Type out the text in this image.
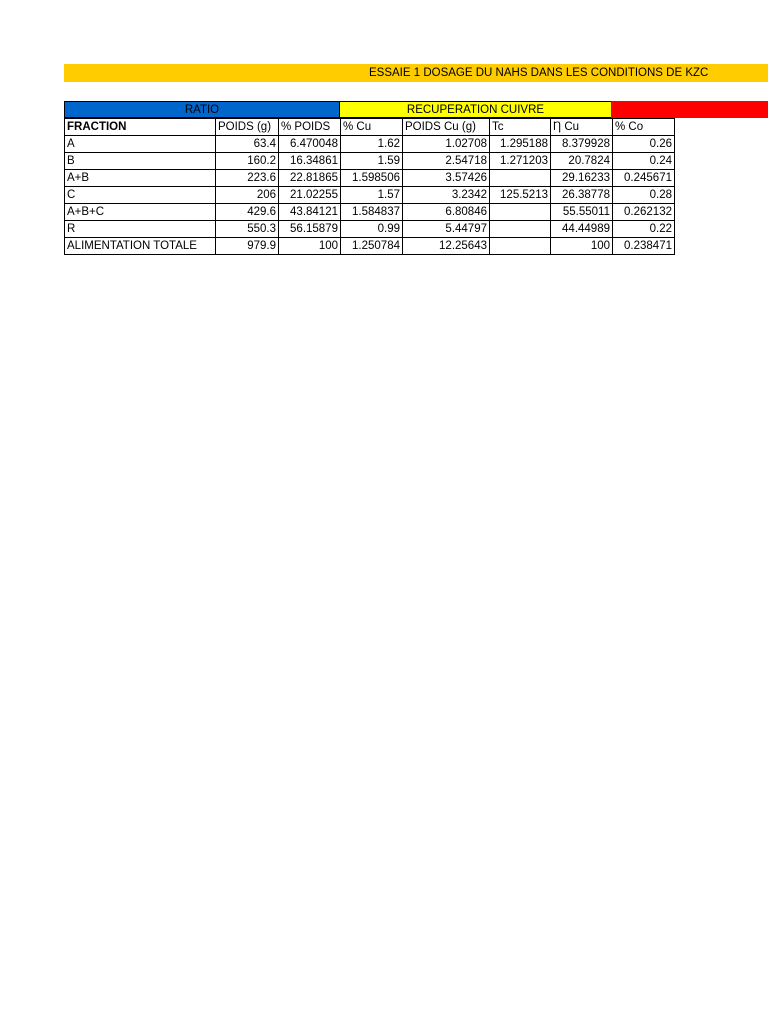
ESSAIE 1 DOSAGE DU NAHS DANS LES CONDITIONS DE KZC
RATIO	RECUPERATION CUIVRE
FRACTION	POIDS (g)	% POIDS	% Cu	POIDS Cu (g)	Tc	Ƞ Cu	% Co
A	63.4	6.470048	1.62	1.02708	1.295188	8.379928	0.26
B	160.2	16.34861	1.59	2.54718	1.271203	20.7824	0.24
A+B	223.6	22.81865	1.598506	3.57426		29.16233	0.245671
C	206	21.02255	1.57	3.2342	125.5213	26.38778	0.28
A+B+C	429.6	43.84121	1.584837	6.80846		55.55011	0.262132
R	550.3	56.15879	0.99	5.44797		44.44989	0.22
ALIMENTATION TOTALE	979.9	100	1.250784	12.25643		100	0.238471
